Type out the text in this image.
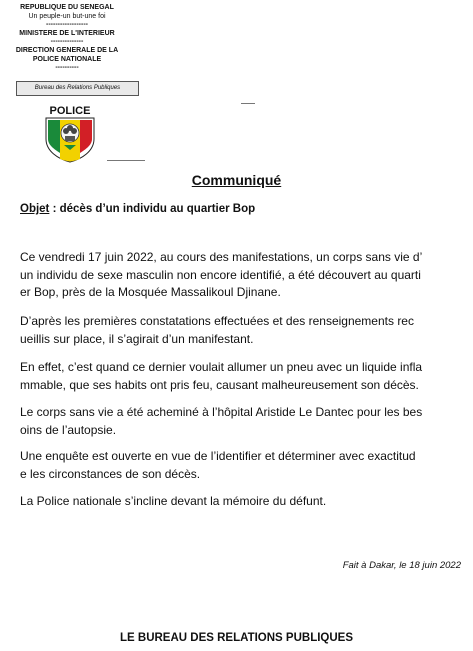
REPUBLIQUE DU SENEGAL
Un peuple-un but-une foi
------------------
MINISTERE DE L'INTERIEUR
--------------
DIRECTION GENERALE DE LA
POLICE NATIONALE
----------
Bureau des Relations Publiques
POLICE
Communiqué
Objet : décès d’un individu au quartier Bop
Ce vendredi 17 juin 2022, au cours des manifestations, un corps sans vie d’
un individu de sexe masculin non encore identifié, a été découvert au quarti
er Bop, près de la Mosquée Massalikoul Djinane.
D’après les premières constatations effectuées et des renseignements rec
ueillis sur place, il s’agirait d’un manifestant.
En effet, c’est quand ce dernier voulait allumer un pneu avec un liquide infla
mmable, que ses habits ont pris feu, causant malheureusement son décès.
Le corps sans vie a été acheminé à l’hôpital Aristide Le Dantec pour les bes
oins de l’autopsie.
Une enquête est ouverte en vue de l’identifier et déterminer avec exactitud
e les circonstances de son décès.
La Police nationale s’incline devant la mémoire du défunt.
Fait à Dakar, le 18 juin 2022
LE BUREAU DES RELATIONS PUBLIQUES
